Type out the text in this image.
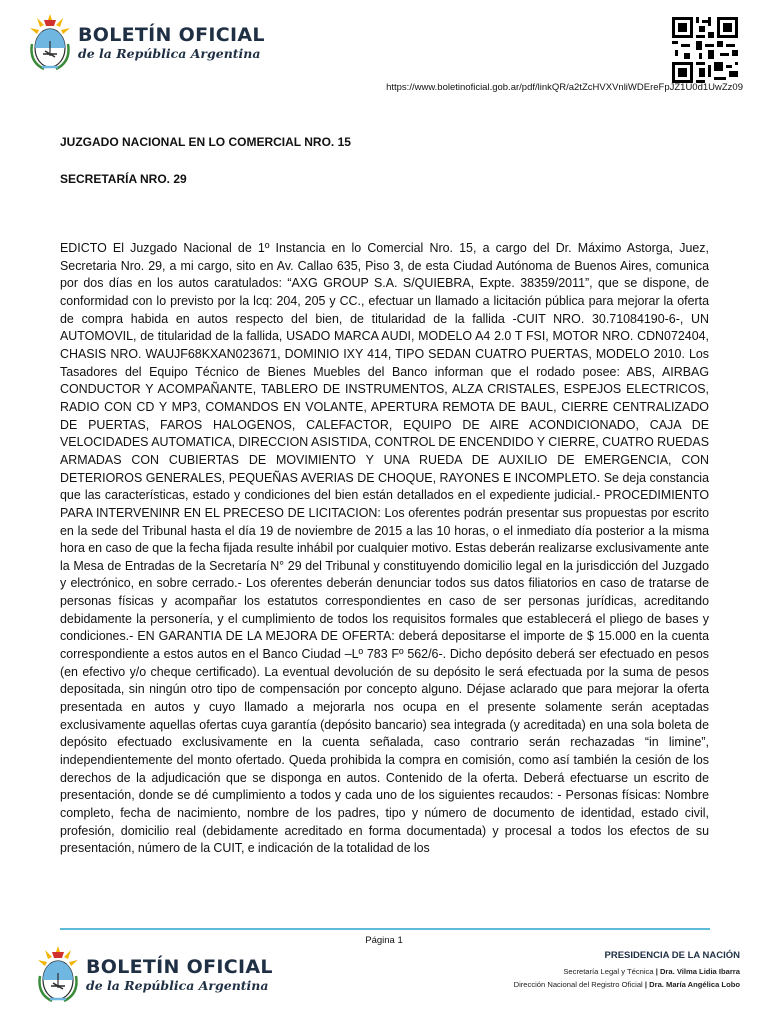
BOLETÍN OFICIAL
de la República Argentina
https://www.boletinoficial.gob.ar/pdf/linkQR/a2tZcHVXVnliWDEreFpJZ1U0d1UwZz09
JUZGADO NACIONAL EN LO COMERCIAL NRO. 15
SECRETARÍA NRO. 29
EDICTO El Juzgado Nacional de 1º Instancia en lo Comercial Nro. 15, a cargo del Dr. Máximo Astorga, Juez, Secretaria Nro. 29, a mi cargo, sito en Av. Callao 635, Piso 3, de esta Ciudad Autónoma de Buenos Aires, comunica por dos días en los autos caratulados: “AXG GROUP S.A. S/QUIEBRA, Expte. 38359/2011”, que se dispone, de conformidad con lo previsto por la lcq: 204, 205 y CC., efectuar un llamado a licitación pública para mejorar la oferta de compra habida en autos respecto del bien, de titularidad de la fallida -CUIT NRO. 30.71084190-6-, UN AUTOMOVIL, de titularidad de la fallida, USADO MARCA AUDI, MODELO A4 2.0 T FSI, MOTOR NRO. CDN072404, CHASIS NRO. WAUJF68KXAN023671, DOMINIO IXY 414, TIPO SEDAN CUATRO PUERTAS, MODELO 2010. Los Tasadores del Equipo Técnico de Bienes Muebles del Banco informan que el rodado posee: ABS, AIRBAG CONDUCTOR Y ACOMPAÑANTE, TABLERO DE INSTRUMENTOS, ALZA CRISTALES, ESPEJOS ELECTRICOS, RADIO CON CD Y MP3, COMANDOS EN VOLANTE, APERTURA REMOTA DE BAUL, CIERRE CENTRALIZADO DE PUERTAS, FAROS HALOGENOS, CALEFACTOR, EQUIPO DE AIRE ACONDICIONADO, CAJA DE VELOCIDADES AUTOMATICA, DIRECCION ASISTIDA, CONTROL DE ENCENDIDO Y CIERRE, CUATRO RUEDAS ARMADAS CON CUBIERTAS DE MOVIMIENTO Y UNA RUEDA DE AUXILIO DE EMERGENCIA, CON DETERIOROS GENERALES, PEQUEÑAS AVERIAS DE CHOQUE, RAYONES E INCOMPLETO. Se deja constancia que las características, estado y condiciones del bien están detallados en el expediente judicial.- PROCEDIMIENTO PARA INTERVENINR EN EL PRECESO DE LICITACION: Los oferentes podrán presentar sus propuestas por escrito en la sede del Tribunal hasta el día 19 de noviembre de 2015 a las 10 horas, o el inmediato día posterior a la misma hora en caso de que la fecha fijada resulte inhábil por cualquier motivo. Estas deberán realizarse exclusivamente ante la Mesa de Entradas de la Secretaría N° 29 del Tribunal y constituyendo domicilio legal en la jurisdicción del Juzgado y electrónico, en sobre cerrado.- Los oferentes deberán denunciar todos sus datos filiatorios en caso de tratarse de personas físicas y acompañar los estatutos correspondientes en caso de ser personas jurídicas, acreditando debidamente la personería, y el cumplimiento de todos los requisitos formales que establecerá el pliego de bases y condiciones.- EN GARANTIA DE LA MEJORA DE OFERTA: deberá depositarse el importe de $ 15.000 en la cuenta correspondiente a estos autos en el Banco Ciudad –Lº 783 Fº 562/6-. Dicho depósito deberá ser efectuado en pesos (en efectivo y/o cheque certificado). La eventual devolución de su depósito le será efectuada por la suma de pesos depositada, sin ningún otro tipo de compensación por concepto alguno. Déjase aclarado que para mejorar la oferta presentada en autos y cuyo llamado a mejorarla nos ocupa en el presente solamente serán aceptadas exclusivamente aquellas ofertas cuya garantía (depósito bancario) sea integrada (y acreditada) en una sola boleta de depósito efectuado exclusivamente en la cuenta señalada, caso contrario serán rechazadas “in limine”, independientemente del monto ofertado. Queda prohibida la compra en comisión, como así también la cesión de los derechos de la adjudicación que se disponga en autos. Contenido de la oferta. Deberá efectuarse un escrito de presentación, donde se dé cumplimiento a todos y cada uno de los siguientes recaudos: - Personas físicas: Nombre completo, fecha de nacimiento, nombre de los padres, tipo y número de documento de identidad, estado civil, profesión, domicilio real (debidamente acreditado en forma documentada) y procesal a todos los efectos de su presentación, número de la CUIT, e indicación de la totalidad de los
Página 1
BOLETÍN OFICIAL
de la República Argentina
PRESIDENCIA DE LA NACIÓN
Secretaría Legal y Técnica | Dra. Vilma Lidia Ibarra
Dirección Nacional del Registro Oficial | Dra. María Angélica Lobo
